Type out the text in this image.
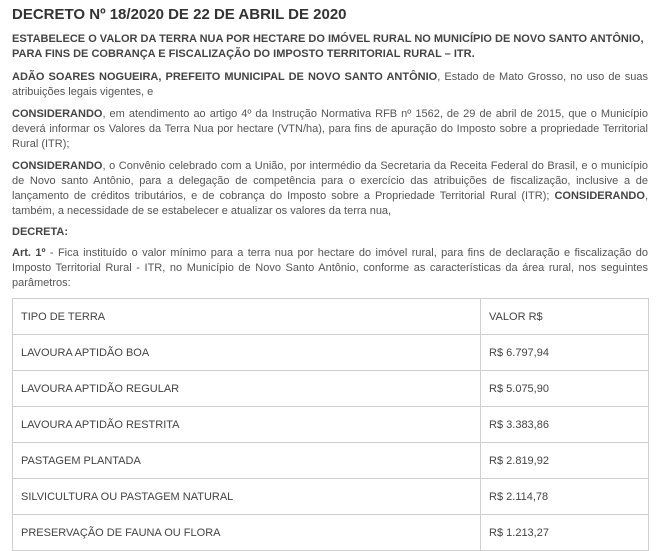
DECRETO Nº 18/2020 DE 22 DE ABRIL DE 2020
ESTABELECE O VALOR DA TERRA NUA POR HECTARE DO IMÓVEL RURAL NO MUNICÍPIO DE NOVO SANTO ANTÔNIO, PARA FINS DE COBRANÇA E FISCALIZAÇÃO DO IMPOSTO TERRITORIAL RURAL – ITR.

ADÃO SOARES NOGUEIRA, PREFEITO MUNICIPAL DE NOVO SANTO ANTÔNIO, Estado de Mato Grosso, no uso de suas atribuições legais vigentes, e

CONSIDERANDO, em atendimento ao artigo 4º da Instrução Normativa RFB nº 1562, de 29 de abril de 2015, que o Município deverá informar os Valores da Terra Nua por hectare (VTN/ha), para fins de apuração do Imposto sobre a propriedade Territorial Rural (ITR);

CONSIDERANDO, o Convênio celebrado com a União, por intermédio da Secretaria da Receita Federal do Brasil, e o município de Novo santo Antônio, para a delegação de competência para o exercício das atribuições de fiscalização, inclusive a de lançamento de créditos tributários, e de cobrança do Imposto sobre a Propriedade Territorial Rural (ITR); CONSIDERANDO, também, a necessidade de se estabelecer e atualizar os valores da terra nua,

DECRETA:

Art. 1º - Fica instituído o valor mínimo para a terra nua por hectare do imóvel rural, para fins de declaração e fiscalização do Imposto Territorial Rural - ITR, no Município de Novo Santo Antônio, conforme as características da área rural, nos seguintes parâmetros:

TIPO DE TERRA	VALOR R$
LAVOURA APTIDÃO BOA	R$ 6.797,94
LAVOURA APTIDÃO REGULAR	R$ 5.075,90
LAVOURA APTIDÃO RESTRITA	R$ 3.383,86
PASTAGEM PLANTADA	R$ 2.819,92
SILVICULTURA OU PASTAGEM NATURAL	R$ 2.114,78
PRESERVAÇÃO DE FAUNA OU FLORA	R$ 1.213,27
